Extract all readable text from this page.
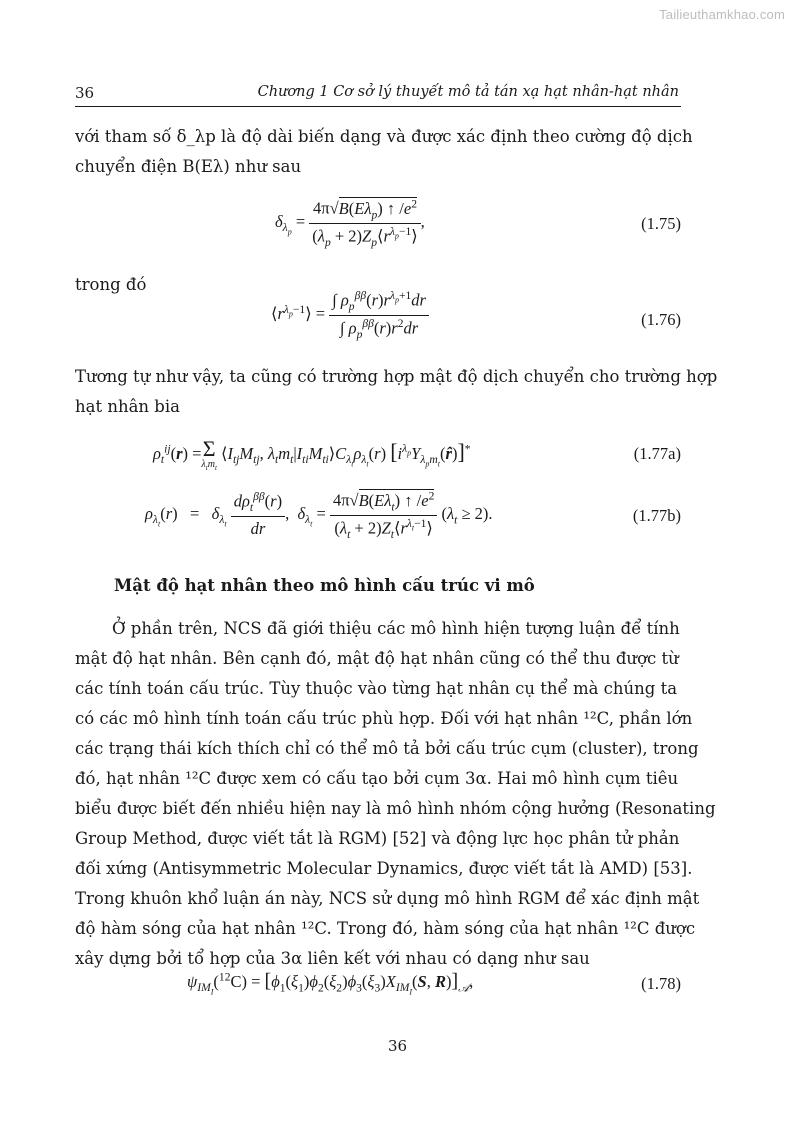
Tailieuthamkhao.com
36	Chương 1 Cơ sở lý thuyết mô tả tán xạ hạt nhân-hạt nhân
với tham số δ_λp là độ dài biến dạng và được xác định theo cường độ dịch
chuyển điện B(Eλ) như sau
$\delta_{\lambda_p} = \frac{4\pi√B(E\lambda_p) ↑ /e^2}{(\lambda_p + 2)Z_p⟨r^{\lambda_p-1}⟩}$ ,	(1.75)
trong đó
$⟨r^{\lambda_p-1}⟩ = \frac{\int \rho_p^{\beta\beta}(r)r^{\lambda_p+1}dr}{\int \rho_p^{\beta\beta}(r)r^2dr}$	(1.76)
Tương tự như vậy, ta cũng có trường hợp mật độ dịch chuyển cho trường hợp
hạt nhân bia
$\rho_t^{ij}(r) = \Sigma$
$\lambda_tm_t$
$⟨I_{tj}M_{tj}$, $\lambda_tm_t|I_{ti}M_{ti}⟩C_{\lambda_t}\rho_{\lambda_t}(r)$ $[i^{\lambda_p}Y_{\lambda_pm_t}(r̂)]^*$	(1.77a)
$\rho_{\lambda_t}(r) = \delta_{\lambda_t} \frac{d\rho_t^{\beta\beta}(r)}{dr}$ ,  $\delta_{\lambda_t} = \frac{4\pi√B(E\lambda_t) ↑ /e^2}{(\lambda_t + 2)Z_t⟨r^{\lambda_t-1}⟩} (\lambda_t \ge 2)$.	(1.77b)
Mật độ hạt nhân theo mô hình cấu trúc vi mô
Ở phần trên, NCS đã giới thiệu các mô hình hiện tượng luận để tính
mật độ hạt nhân. Bên cạnh đó, mật độ hạt nhân cũng có thể thu được từ
các tính toán cấu trúc. Tùy thuộc vào từng hạt nhân cụ thể mà chúng ta
có các mô hình tính toán cấu trúc phù hợp. Đối với hạt nhân ¹²C, phần lớn
các trạng thái kích thích chỉ có thể mô tả bởi cấu trúc cụm (cluster), trong
đó, hạt nhân ¹²C được xem có cấu tạo bởi cụm 3α. Hai mô hình cụm tiêu
biểu được biết đến nhiều hiện nay là mô hình nhóm cộng hưởng (Resonating
Group Method, được viết tắt là RGM) [52] và động lực học phân tử phản
đối xứng (Antisymmetric Molecular Dynamics, được viết tắt là AMD) [53].
Trong khuôn khổ luận án này, NCS sử dụng mô hình RGM để xác định mật
độ hàm sóng của hạt nhân ¹²C. Trong đó, hàm sóng của hạt nhân ¹²C được
xây dựng bởi tổ hợp của 3α liên kết với nhau có dạng như sau
$\psi_{IM_I}(^{12}C) = [\phi_1(\xi_1)\phi_2(\xi_2)\phi_3(\xi_3)X_{IM_I}(S$, $R)]_𝒜$,	(1.78)
36
